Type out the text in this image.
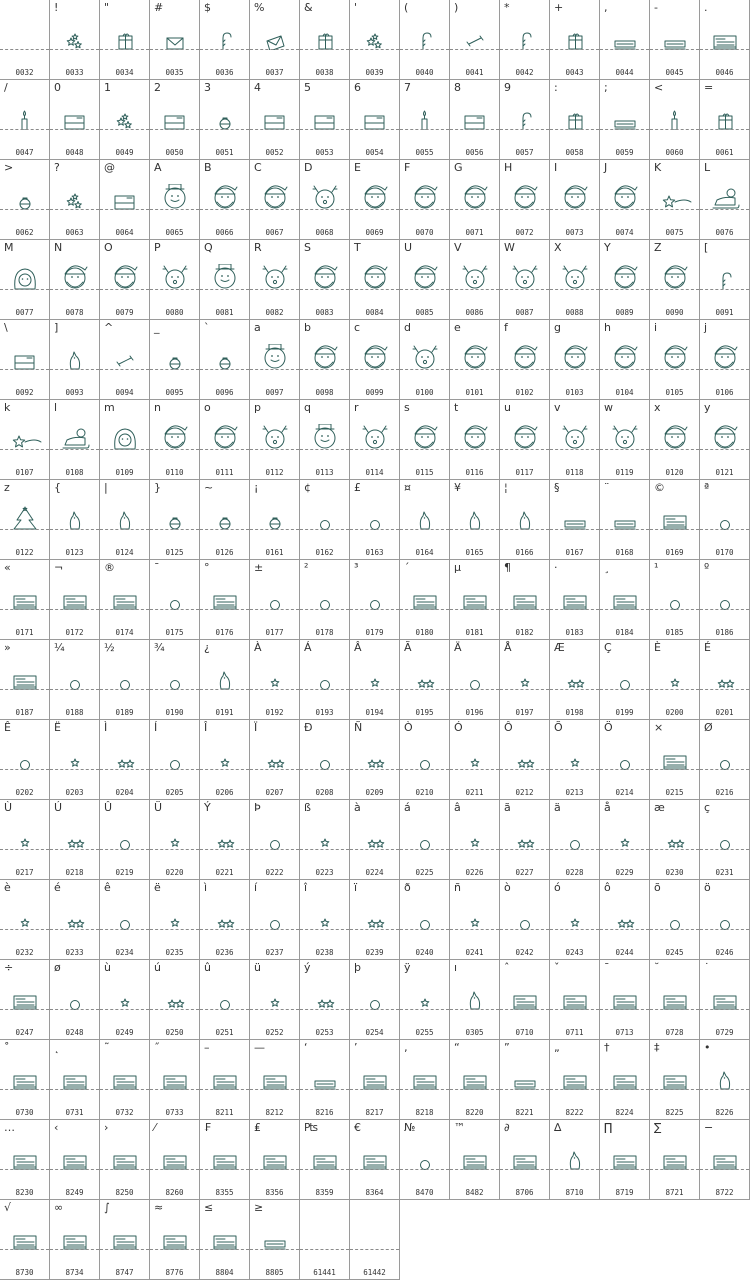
0032
!
0033
"
0034
#
0035
$
0036
%
0037
&
0038
'
0039
(
0040
)
0041
*
0042
+
0043
,
0044
-
0045
.
0046
/
0047
0
0048
1
0049
2
0050
3
0051
4
0052
5
0053
6
0054
7
0055
8
0056
9
0057
:
0058
;
0059
<
0060
=
0061
>
0062
?
0063
@
0064
A
0065
B
0066
C
0067
D
0068
E
0069
F
0070
G
0071
H
0072
I
0073
J
0074
K
0075
L
0076
M
0077
N
0078
O
0079
P
0080
Q
0081
R
0082
S
0083
T
0084
U
0085
V
0086
W
0087
X
0088
Y
0089
Z
0090
[
0091
\
0092
]
0093
^
0094
_
0095
`
0096
a
0097
b
0098
c
0099
d
0100
e
0101
f
0102
g
0103
h
0104
i
0105
j
0106
k
0107
l
0108
m
0109
n
0110
o
0111
p
0112
q
0113
r
0114
s
0115
t
0116
u
0117
v
0118
w
0119
x
0120
y
0121
z
0122
{
0123
|
0124
}
0125
~
0126
¡
0161
¢
0162
£
0163
¤
0164
¥
0165
¦
0166
§
0167
¨
0168
©
0169
ª
0170
«
0171
¬
0172
®
0174
¯
0175
°
0176
±
0177
²
0178
³
0179
´
0180
µ
0181
¶
0182
·
0183
¸
0184
¹
0185
º
0186
»
0187
¼
0188
½
0189
¾
0190
¿
0191
À
0192
Á
0193
Â
0194
Ã
0195
Ä
0196
Å
0197
Æ
0198
Ç
0199
È
0200
É
0201
Ê
0202
Ë
0203
Ì
0204
Í
0205
Î
0206
Ï
0207
Ð
0208
Ñ
0209
Ò
0210
Ó
0211
Ô
0212
Õ
0213
Ö
0214
×
0215
Ø
0216
Ù
0217
Ú
0218
Û
0219
Ü
0220
Ý
0221
Þ
0222
ß
0223
à
0224
á
0225
â
0226
ã
0227
ä
0228
å
0229
æ
0230
ç
0231
è
0232
é
0233
ê
0234
ë
0235
ì
0236
í
0237
î
0238
ï
0239
ð
0240
ñ
0241
ò
0242
ó
0243
ô
0244
õ
0245
ö
0246
÷
0247
ø
0248
ù
0249
ú
0250
û
0251
ü
0252
ý
0253
þ
0254
ÿ
0255
ı
0305
ˆ
0710
ˇ
0711
ˉ
0713
˘
0728
˙
0729
˚
0730
˛
0731
˜
0732
˝
0733
–
8211
—
8212
‘
8216
’
8217
‚
8218
“
8220
”
8221
„
8222
†
8224
‡
8225
•
8226
…
8230
‹
8249
›
8250
⁄
8260
₣
8355
₤
8356
₧
8359
€
8364
№
8470
™
8482
∂
8706
∆
8710
∏
8719
∑
8721
−
8722
√
8730
∞
8734
∫
8747
≈
8776
≤
8804
≥
8805	61441	61442
